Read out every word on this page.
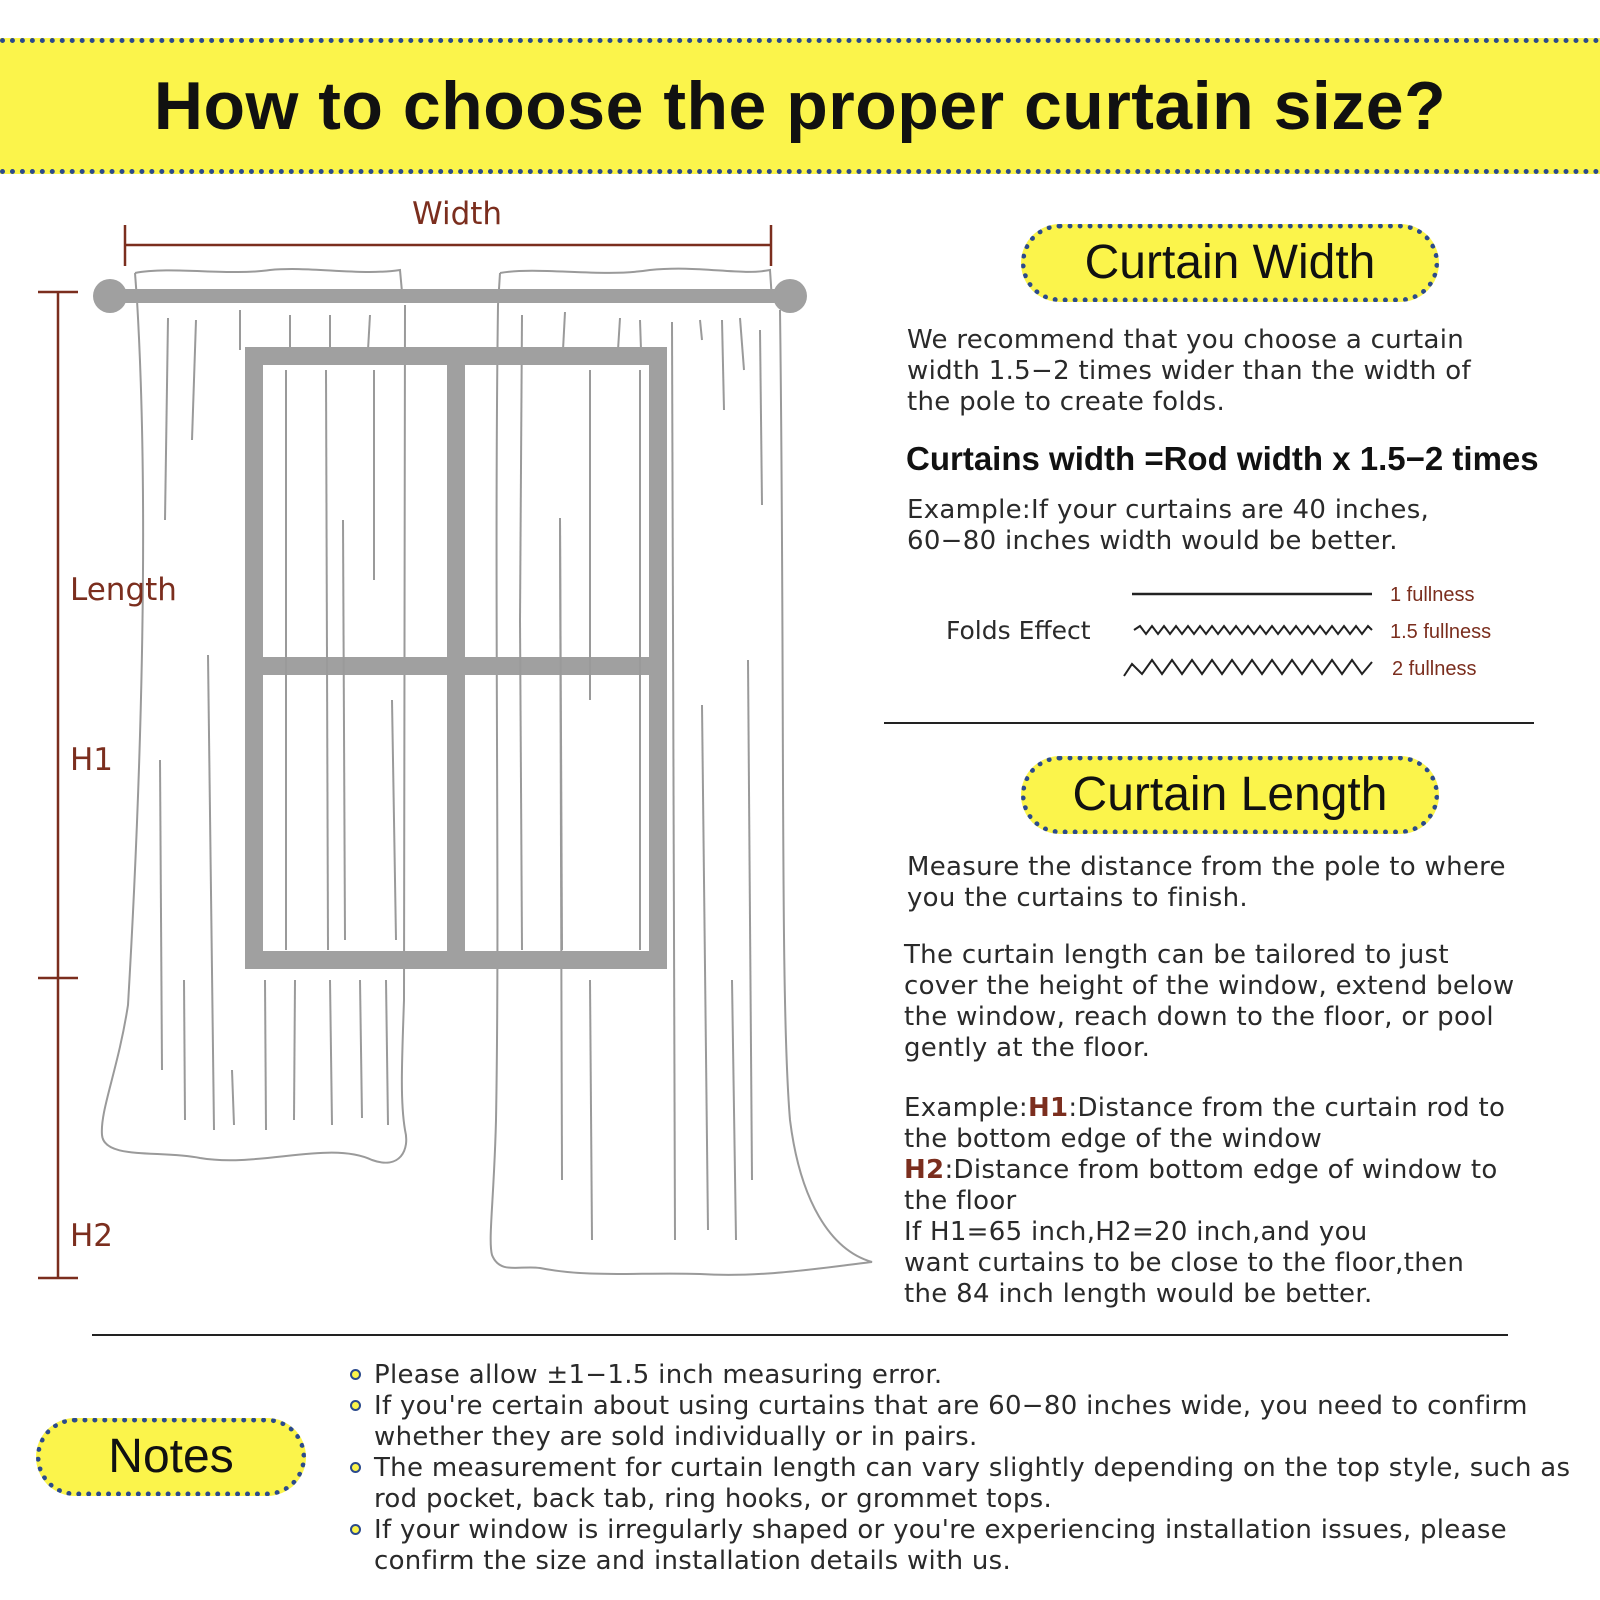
How to choose the proper curtain size?
Width
Length
H1
H2
Curtain Width
We recommend that you choose a curtain
width 1.5−2 times wider than the width of
the pole to create folds.
Curtains width =Rod width x 1.5−2 times
Example:If your curtains are 40 inches,
60−80 inches width would be better.
Folds Effect
1 fullness
1.5 fullness
2 fullness
Curtain Length
Measure the distance from the pole to where
you the curtains to finish.
The curtain length can be tailored to just
cover the height of the window, extend below
the window, reach down to the floor, or pool
gently at the floor.
Example:H1:Distance from the curtain rod to
the bottom edge of the window
H2:Distance from bottom edge of window to
the floor
If H1=65 inch,H2=20 inch,and you
want curtains to be close to the floor,then
the 84 inch length would be better.
Notes
Please allow ±1−1.5 inch measuring error.
If you're certain about using curtains that are 60−80 inches wide, you need to confirm whether they are sold individually or in pairs.
The measurement for curtain length can vary slightly depending on the top style, such as rod pocket, back tab, ring hooks, or grommet tops.
If your window is irregularly shaped or you're experiencing installation issues, please confirm the size and installation details with us.
